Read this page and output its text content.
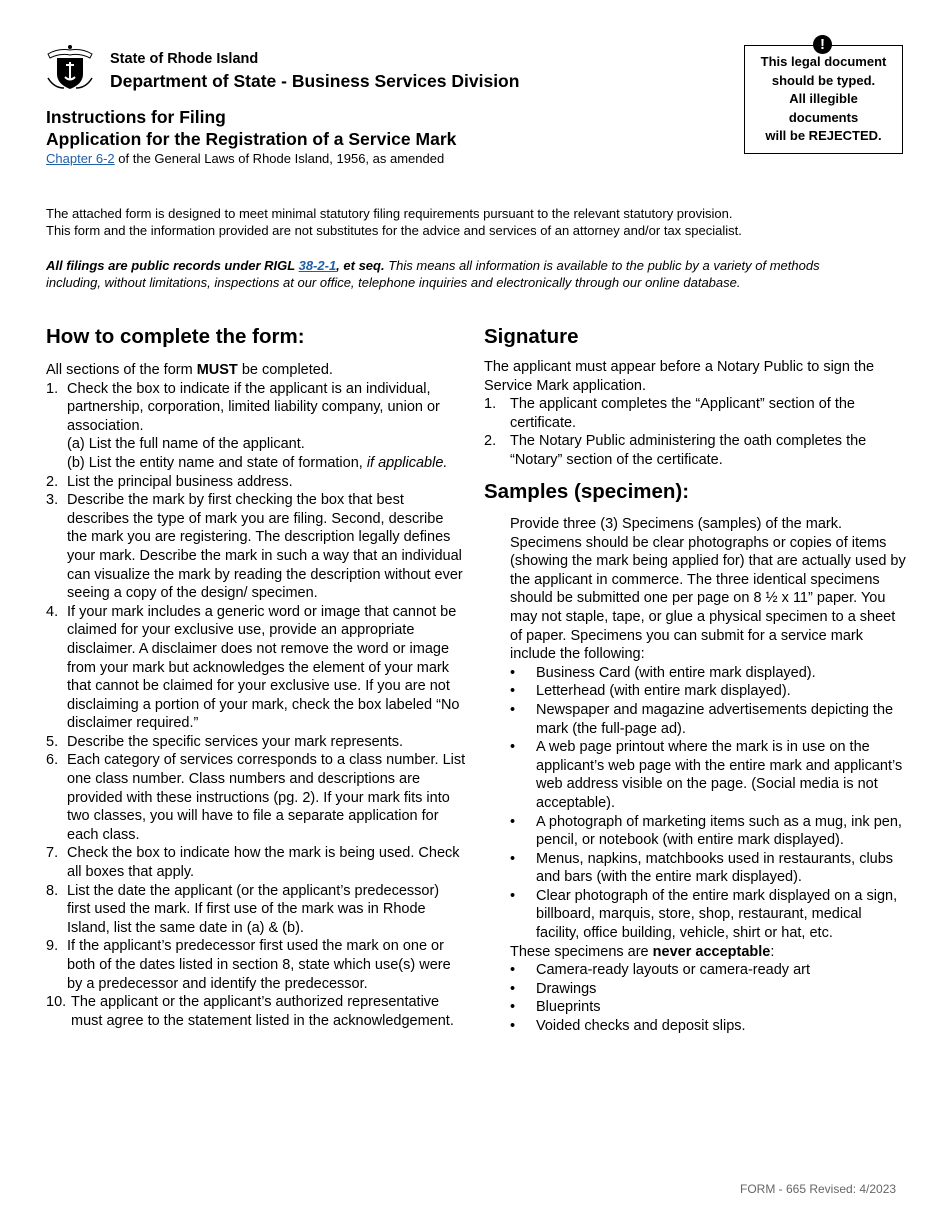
State of Rhode Island
Department of State - Business Services Division
Instructions for Filing
Application for the Registration of a Service Mark
Chapter 6-2 of the General Laws of Rhode Island, 1956, as amended
This legal document
should be typed.
All illegible
documents
will be REJECTED.
!
The attached form is designed to meet minimal statutory filing requirements pursuant to the relevant statutory provision.
This form and the information provided are not substitutes for the advice and services of an attorney and/or tax specialist.
All filings are public records under RIGL 38-2-1, et seq. This means all information is available to the public by a variety of methods including, without limitations, inspections at our office, telephone inquiries and electronically through our online database.
How to complete the form:

All sections of the form MUST be completed.

1. Check the box to indicate if the applicant is an individual, partnership, corporation, limited liability company, union or association.
(a) List the full name of the applicant.
(b) List the entity name and state of formation, if applicable.
2. List the principal business address.
3. Describe the mark by first checking the box that best describes the type of mark you are filing. Second, describe the mark you are registering. The description legally defines your mark. Describe the mark in such a way that an individual can visualize the mark by reading the description without ever seeing a copy of the design/ specimen.
4. If your mark includes a generic word or image that cannot be claimed for your exclusive use, provide an appropriate disclaimer. A disclaimer does not remove the word or image from your mark but acknowledges the element of your mark that cannot be claimed for your exclusive use. If you are not disclaiming a portion of your mark, check the box labeled “No disclaimer required.”
5. Describe the specific services your mark represents.
6. Each category of services corresponds to a class number. List one class number. Class numbers and descriptions are provided with these instructions (pg. 2). If your mark fits into two classes, you will have to file a separate application for each class.
7. Check the box to indicate how the mark is being used. Check all boxes that apply.
8. List the date the applicant (or the applicant’s predecessor) first used the mark. If first use of the mark was in Rhode Island, list the same date in (a) & (b).
9. If the applicant’s predecessor first used the mark on one or both of the dates listed in section 8, state which use(s) were by a predecessor and identify the predecessor.
10. The applicant or the applicant’s authorized representative must agree to the statement listed in the acknowledgement.
Signature

The applicant must appear before a Notary Public to sign the Service Mark application.

1. The applicant completes the “Applicant” section of the certificate.
2. The Notary Public administering the oath completes the “Notary” section of the certificate.
Samples (specimen):

Provide three (3) Specimens (samples) of the mark. Specimens should be clear photographs or copies of items (showing the mark being applied for) that are actually used by the applicant in commerce. The three identical specimens should be submitted one per page on 8 ½ x 11” paper. You may not staple, tape, or glue a physical specimen to a sheet of paper. Specimens you can submit for a service mark include the following:

• Business Card (with entire mark displayed).
• Letterhead (with entire mark displayed).
• Newspaper and magazine advertisements depicting the mark (the full-page ad).
• A web page printout where the mark is in use on the applicant’s web page with the entire mark and applicant’s web address visible on the page. (Social media is not acceptable).
• A photograph of marketing items such as a mug, ink pen, pencil, or notebook (with entire mark displayed).
• Menus, napkins, matchbooks used in restaurants, clubs and bars (with the entire mark displayed).
• Clear photograph of the entire mark displayed on a sign, billboard, marquis, store, shop, restaurant, medical facility, office building, vehicle, shirt or hat, etc.

These specimens are never acceptable:

• Camera-ready layouts or camera-ready art
• Drawings
• Blueprints
• Voided checks and deposit slips.
FORM - 665 Revised: 4/2023
